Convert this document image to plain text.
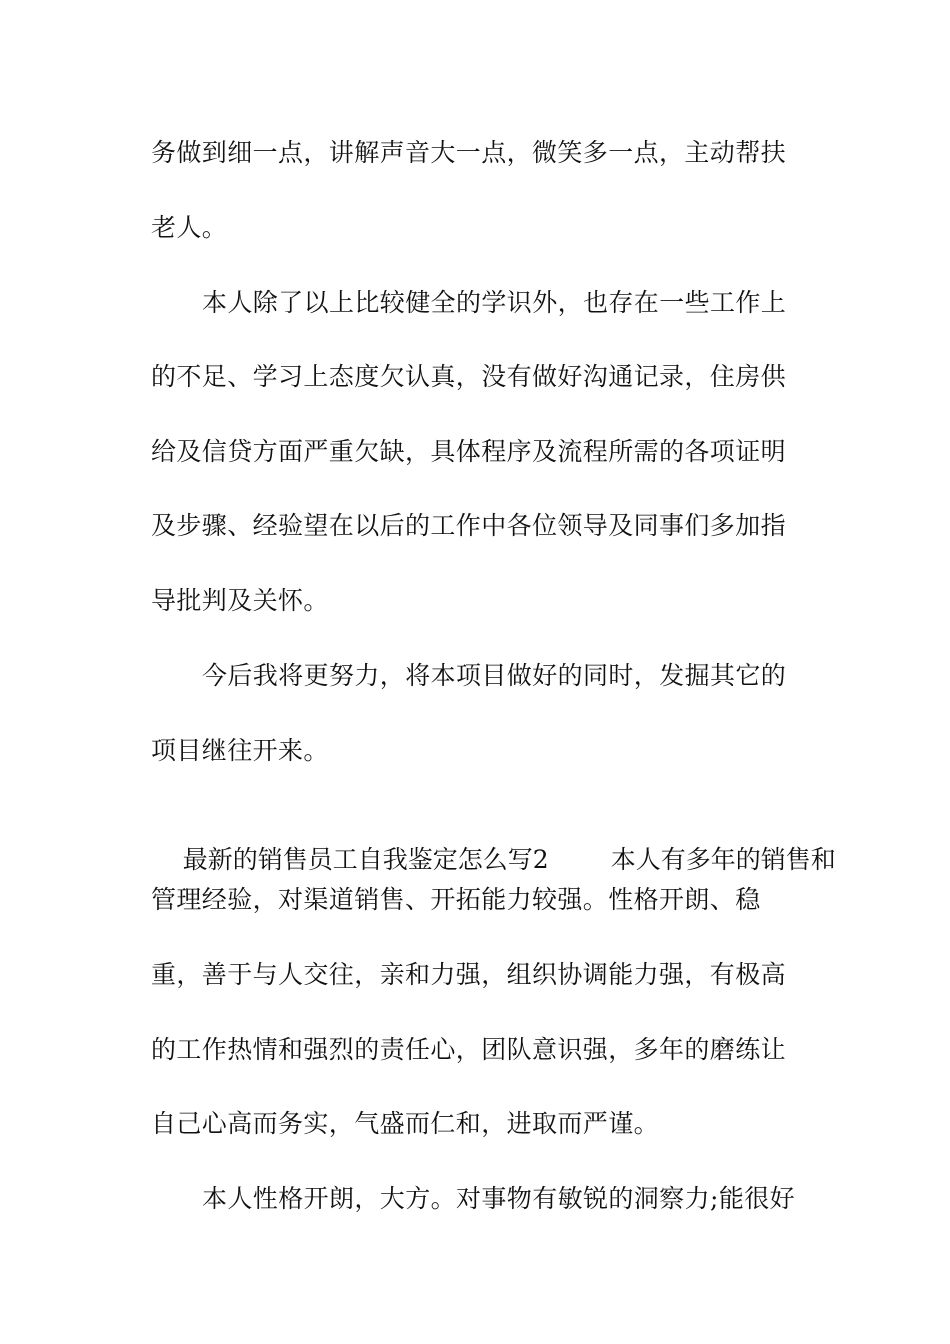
务做到细一点，讲解声音大一点，微笑多一点，主动帮扶
老人。
本人除了以上比较健全的学识外，也存在一些工作上
的不足、学习上态度欠认真，没有做好沟通记录，住房供
给及信贷方面严重欠缺，具体程序及流程所需的各项证明
及步骤、经验望在以后的工作中各位领导及同事们多加指
导批判及关怀。
今后我将更努力，将本项目做好的同时，发掘其它的
项目继往开来。

最新的销售员工自我鉴定怎么写2 本人有多年的销售和

管理经验，对渠道销售、开拓能力较强。性格开朗、稳
重，善于与人交往，亲和力强，组织协调能力强，有极高
的工作热情和强烈的责任心，团队意识强，多年的磨练让
自己心高而务实，气盛而仁和，进取而严谨。
本人性格开朗，大方。对事物有敏锐的洞察力;能很好
